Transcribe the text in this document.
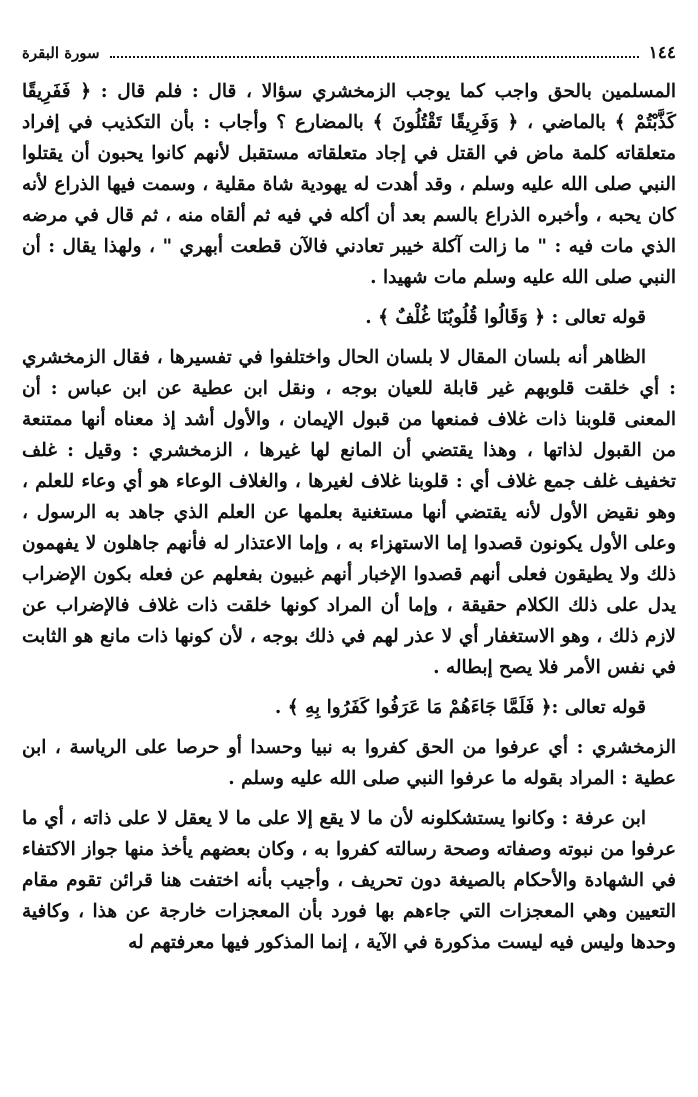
١٤٤
سورة البقرة

المسلمين بالحق واجب كما يوجب الزمخشري سؤالا ، قال : فلم قال : ﴿ فَفَرِيقًا كَذَّبْتُمْ ﴾ بالماضي ، ﴿ وَفَرِيقًا تَقْتُلُونَ ﴾ بالمضارع ؟ وأجاب : بأن التكذيب في إفراد متعلقاته كلمة ماض في القتل في إجاد متعلقاته مستقبل لأنهم كانوا يحبون أن يقتلوا النبي صلى الله عليه وسلم ، وقد أهدت له يهودية شاة مقلية ، وسمت فيها الذراع لأنه كان يحبه ، وأخبره الذراع بالسم بعد أن أكله في فيه ثم ألقاه منه ، ثم قال في مرضه الذي مات فيه : " ما زالت آكلة خيبر تعادني فالآن قطعت أبهري " ، ولهذا يقال : أن النبي صلى الله عليه وسلم مات شهيدا .

قوله تعالى : ﴿ وَقَالُوا قُلُوبُنَا غُلْفٌ ﴾ .

الظاهر أنه بلسان المقال لا بلسان الحال واختلفوا في تفسيرها ، فقال الزمخشري : أي خلقت قلوبهم غير قابلة للعيان بوجه ، ونقل ابن عطية عن ابن عباس : أن المعنى قلوبنا ذات غلاف فمنعها من قبول الإيمان ، والأول أشد إذ معناه أنها ممتنعة من القبول لذاتها ، وهذا يقتضي أن المانع لها غيرها ، الزمخشري : وقيل : غلف تخفيف غلف جمع غلاف أي : قلوبنا غلاف لغيرها ، والغلاف الوعاء هو أي وعاء للعلم ، وهو نقيض الأول لأنه يقتضي أنها مستغنية بعلمها عن العلم الذي جاهد به الرسول ، وعلى الأول يكونون قصدوا إما الاستهزاء به ، وإما الاعتذار له فأنهم جاهلون لا يفهمون ذلك ولا يطيقون فعلى أنهم قصدوا الإخبار أنهم غبيون بفعلهم عن فعله بكون الإضراب يدل على ذلك الكلام حقيقة ، وإما أن المراد كونها خلقت ذات غلاف فالإضراب عن لازم ذلك ، وهو الاستغفار أي لا عذر لهم في ذلك بوجه ، لأن كونها ذات مانع هو الثابت في نفس الأمر فلا يصح إبطاله .

قوله تعالى :﴿ فَلَمَّا جَاءَهُمْ مَا عَرَفُوا كَفَرُوا بِهِ ﴾ .

الزمخشري : أي عرفوا من الحق كفروا به نبيا وحسدا أو حرصا على الرياسة ، ابن عطية : المراد بقوله ما عرفوا النبي صلى الله عليه وسلم .

ابن عرفة : وكانوا يستشكلونه لأن ما لا يقع إلا على ما لا يعقل لا على ذاته ، أي ما عرفوا من نبوته وصفاته وصحة رسالته كفروا به ، وكان بعضهم يأخذ منها جواز الاكتفاء في الشهادة والأحكام بالصيغة دون تحريف ، وأجيب بأنه اختفت هنا قرائن تقوم مقام التعيين وهي المعجزات التي جاءهم بها فورد بأن المعجزات خارجة عن هذا ، وكافية وحدها وليس فيه ليست مذكورة في الآية ، إنما المذكور فيها معرفتهم له
